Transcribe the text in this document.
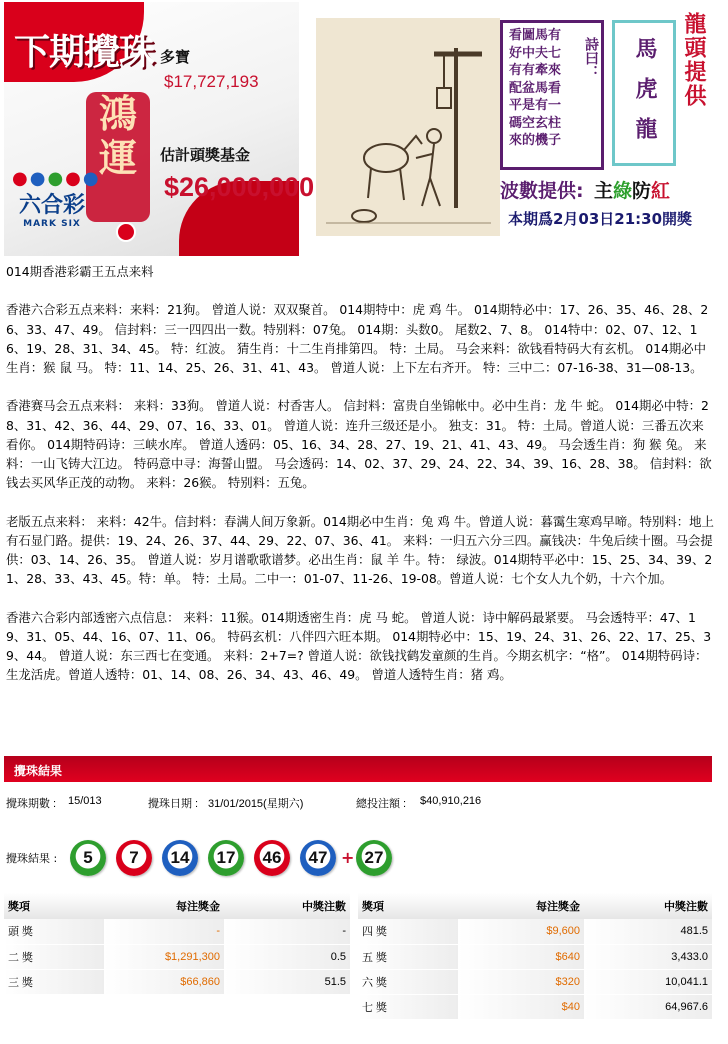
下期攪珠
鴻運
●●●●●
六合彩
MARK SIX
多寶
$17,727,193
估計頭獎基金
$26,000,000
看圖馬有
好中夫七
有有牽來
配盆馬看
平是有一
碼空玄柱
來的機子
詩曰：	馬虎龍	龍頭提供
波數提供: 主綠防紅
本期爲2月03日21:30開獎

014期香港彩霸王五点来料

香港六合彩五点来料：来料：21狗。 曾道人说：双双聚首。 014期特中：虎 鸡 牛。 014期特必中：17、26、35、46、28、26、33、47、49。 信封料：三一四四出一数。特别料：07兔。 014期：头数0。 尾数2、7、8。 014特中：02、07、12、16、19、28、31、34、45。 特：红波。 猜生肖：十二生肖排第四。 特：土局。 马会来料：欲钱看特码大有玄机。 014期必中生肖：猴 鼠 马。 特：11、14、25、26、31、41、43。 曾道人说：上下左右齐开。 特：三中二：07-16-38、31—08-13。

香港赛马会五点来料： 来料：33狗。 曾道人说：村香害人。 信封料：富贵自坐锦帐中。必中生肖：龙 牛 蛇。 014期必中特：28、31、42、36、44、29、07、16、33、01。 曾道人说：连升三级还是小。 独支：31。 特：土局。曾道人说：三番五次来看你。 014期特码诗：三峡水库。 曾道人透码：05、16、34、28、27、19、21、41、43、49。 马会透生肖：狗 猴 兔。 来料：一山飞铸大江边。 特码意中寻：海誓山盟。 马会透码：14、02、37、29、24、22、34、39、16、28、38。 信封料：欲钱去买风华正茂的动物。 来料：26猴。 特别料：五兔。

老版五点来料： 来料：42牛。信封料：春满人间万象新。014期必中生肖：兔 鸡 牛。曾道人说：暮霭生寒鸡早啼。特别料：地上有石显门路。提供：19、24、26、37、44、29、22、07、36、41。 来料：一归五六分三四。赢钱决：牛兔后续十圈。马会提供：03、14、26、35。 曾道人说：岁月谱歌歌谱梦。必出生肖：鼠 羊 牛。特： 绿波。014期特平必中：15、25、34、39、21、28、33、43、45。特：单。 特：土局。二中一：01-07、11-26、19-08。曾道人说：七个女人九个奶，十六个加。

香港六合彩内部透密六点信息： 来料：11猴。014期透密生肖：虎 马 蛇。 曾道人说：诗中解码最紧要。 马会透特平：47、19、31、05、44、16、07、11、06。 特码玄机：八伴四六旺本期。 014期特必中：15、19、24、31、26、22、17、25、39、44。 曾道人说：东三西七在变通。 来料：2+7=? 曾道人说：欲钱找鹤发童颜的生肖。今期玄机字：“格”。 014期特码诗：生龙活虎。曾道人透特：01、14、08、26、34、43、46、49。 曾道人透特生肖：猪 鸡。

攪珠結果
攪珠期數 : 15/013	攪珠日期 : 31/01/2015(星期六)	總投注額 : $40,910,216
攪珠結果 :	5	7	14	17	46	47 + 27
獎項	每注獎金	中獎注數
頭 獎	-	-
二 獎	$1,291,300	0.5
三 獎	$66,860	51.5
獎項	每注獎金	中獎注數
四 獎	$9,600	481.5
五 獎	$640	3,433.0
六 獎	$320	10,041.1
七 獎	$40	64,967.6
